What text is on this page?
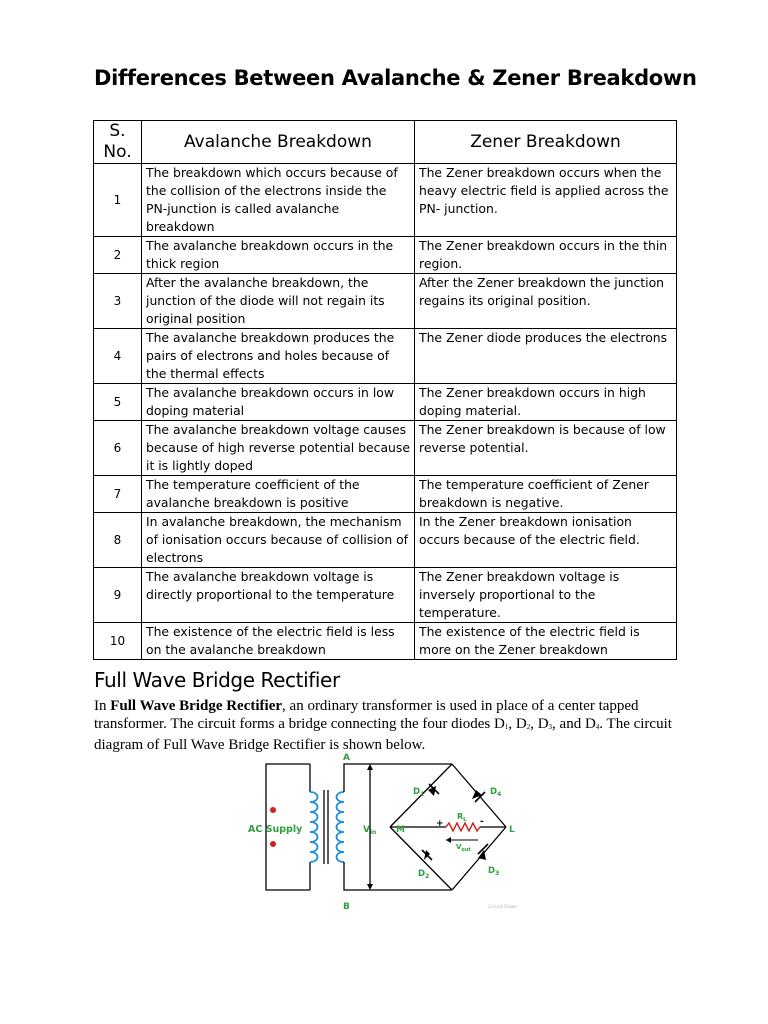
Differences Between Avalanche & Zener Breakdown
S. No.	Avalanche Breakdown	Zener Breakdown
1	The breakdown which occurs because of the collision of the electrons inside the PN-junction is called avalanche breakdown	The Zener breakdown occurs when the heavy electric field is applied across the PN- junction.
2	The avalanche breakdown occurs in the thick region	The Zener breakdown occurs in the thin region.
3	After the avalanche breakdown, the junction of the diode will not regain its original position	After the Zener breakdown the junction regains its original position.
4	The avalanche breakdown produces the pairs of electrons and holes because of the thermal effects	The Zener diode produces the electrons
5	The avalanche breakdown occurs in low doping material	The Zener breakdown occurs in high doping material.
6	The avalanche breakdown voltage causes because of high reverse potential because it is lightly doped	The Zener breakdown is because of low reverse potential.
7	The temperature coefficient of the avalanche breakdown is positive	The temperature coefficient of Zener breakdown is negative.
8	In avalanche breakdown, the mechanism of ionisation occurs because of collision of electrons	In the Zener breakdown ionisation occurs because of the electric field.
9	The avalanche breakdown voltage is directly proportional to the temperature	The Zener breakdown voltage is inversely proportional to the temperature.
10	The existence of the electric field is less on the avalanche breakdown	The existence of the electric field is more on the Zener breakdown
Full Wave Bridge Rectifier
In Full Wave Bridge Rectifier, an ordinary transformer is used in place of a center tapped transformer. The circuit forms a bridge connecting the four diodes $D_1$, $D_2$, $D_3$, and $D_4$. The circuit diagram of Full Wave Bridge Rectifier is shown below.
AC Supply	$V_{in}$
A
B
M	L
$D_1$	$D_4$
$D_2$
$D_3$
$R_L$
+	-
$V_{out}$
Circuit Globe
